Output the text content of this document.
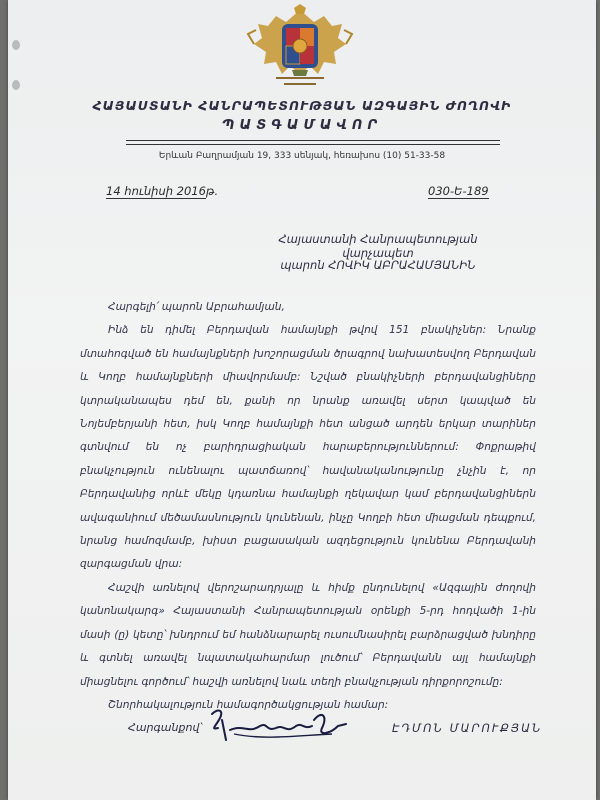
ՀԱՅԱՍՏԱՆԻ ՀԱՆՐԱՊԵՏՈՒԹՅԱՆ ԱԶԳԱՅԻՆ ԺՈՂՈՎԻ
ՊԱՏԳԱՄԱՎՈՐ
Երևան Բաղրամյան 19, 333 սենյակ, հեռախոս (10) 51-33-58
14 հունիսի 2016թ.	030-Ե-189
Հայաստանի Հանրապետության վարչապետ
պարոն ՀՈՎԻԿ ԱԲՐԱՀԱՄՅԱՆԻՆ

Հարգելի՛ պարոն Աբրահամյան,

Ինձ են դիմել Բերդավան համայնքի թվով 151 բնակիչներ: Նրանք մտահոգված են համայնքների խոշորացման ծրագրով նախատեսվող Բերդավան և Կողբ համայնքների միավորմամբ: Նշված բնակիչների բերդավանցիները կտրականապես դեմ են, քանի որ նրանք առավել սերտ կապված են Նոյեմբերյանի հետ, իսկ Կողբ համայնքի հետ անցած արդեն երկար տարիներ գտնվում են ոչ բարիդրացիական հարաբերություններում: Փոքրաթիվ բնակչություն ունենալու պատճառով՝ հավանականությունը չնչին է, որ Բերդավանից որևէ մեկը կդառնա համայնքի ղեկավար կամ բերդավանցիներն ավագանիում մեծամասնություն կունենան, ինչը Կողբի հետ միացման դեպքում, նրանց համոզմամբ, խիստ բացասական ազդեցություն կունենա Բերդավանի զարգացման վրա:

Հաշվի առնելով վերոշարադրյալը և հիմք ընդունելով «Ազգային ժողովի կանոնակարգ» Հայաստանի Հանրապետության օրենքի 5-րդ հոդվածի 1-ին մասի (ը) կետը՝ խնդրում եմ հանձնարարել ուսումնասիրել բարձրացված խնդիրը և գտնել առավել նպատակահարմար լուծում՝ Բերդավանն այլ համայնքի միացնելու գործում՝ հաշվի առնելով նաև տեղի բնակչության դիրքորոշումը:

Շնորհակալություն համագործակցության համար:

Հարգանքով՝	ԷԴՄՈՆ ՄԱՐՈՒՔՅԱՆ
